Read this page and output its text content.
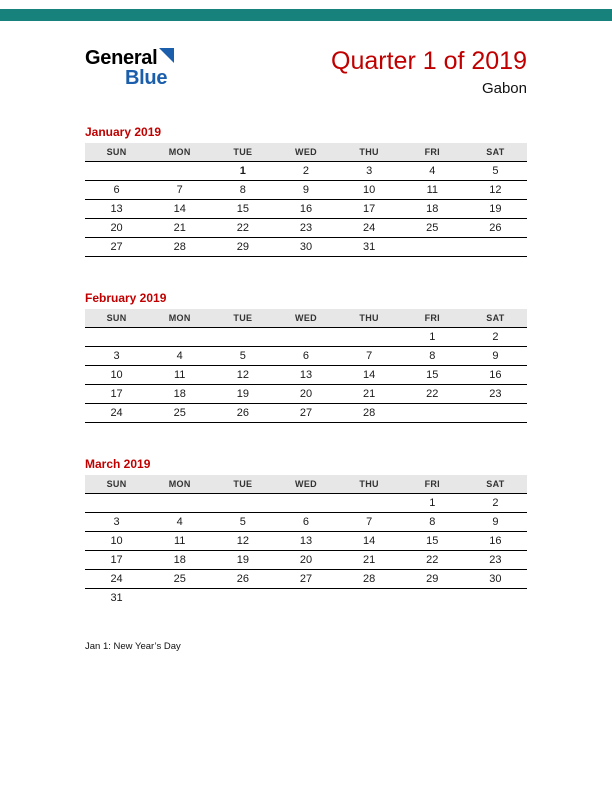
General
Blue
Quarter 1 of 2019
Gabon
January 2019
SUN	MON	TUE	WED	THU	FRI	SAT
		1	2	3	4	5
6	7	8	9	10	11	12
13	14	15	16	17	18	19
20	21	22	23	24	25	26
27	28	29	30	31		
February 2019
SUN	MON	TUE	WED	THU	FRI	SAT
					1	2
3	4	5	6	7	8	9
10	11	12	13	14	15	16
17	18	19	20	21	22	23
24	25	26	27	28		
March 2019
SUN	MON	TUE	WED	THU	FRI	SAT
					1	2
3	4	5	6	7	8	9
10	11	12	13	14	15	16
17	18	19	20	21	22	23
24	25	26	27	28	29	30
31						
Jan 1: New Year’s Day
